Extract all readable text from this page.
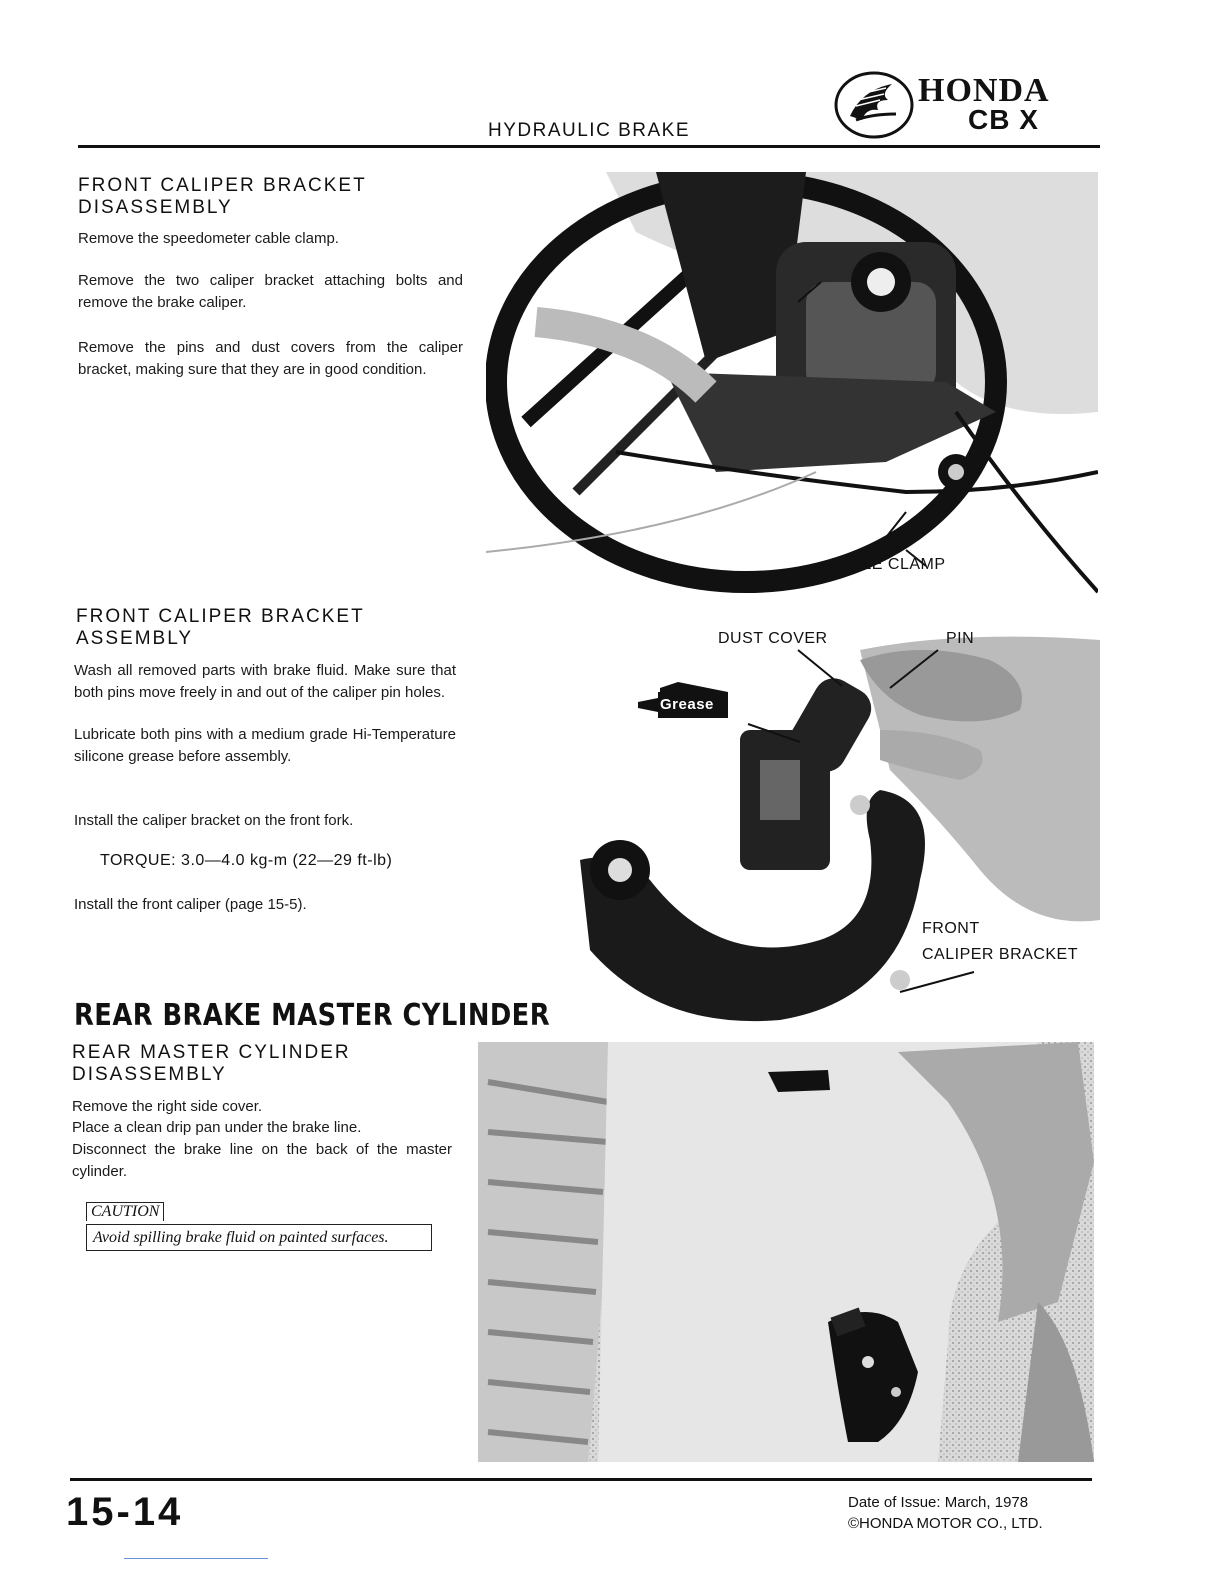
HYDRAULIC BRAKE
HONDA
CB X
FRONT CALIPER BRACKET DISASSEMBLY
Remove the speedometer cable clamp.
Remove the two caliper bracket attaching bolts and remove the brake caliper.
Remove the pins and dust covers from the caliper bracket, making sure that they are in good condition.
CABLE CLAMP
FRONT CALIPER BRACKET ASSEMBLY
Wash all removed parts with brake fluid. Make sure that both pins move freely in and out of the caliper pin holes.
Lubricate both pins with a medium grade Hi-Temperature silicone grease before assembly.
Install the caliper bracket on the front fork.
TORQUE: 3.0—4.0 kg-m (22—29 ft-lb)
Install the front caliper (page 15-5).
DUST COVER	PIN
Grease
FRONT
CALIPER BRACKET
REAR BRAKE MASTER CYLINDER
REAR MASTER CYLINDER DISASSEMBLY
Remove the right side cover.
Place a clean drip pan under the brake line.
Disconnect the brake line on the back of the master cylinder.
CAUTION
Avoid spilling brake fluid on painted surfaces.
15-14	Date of Issue: March, 1978
©HONDA MOTOR CO., LTD.
